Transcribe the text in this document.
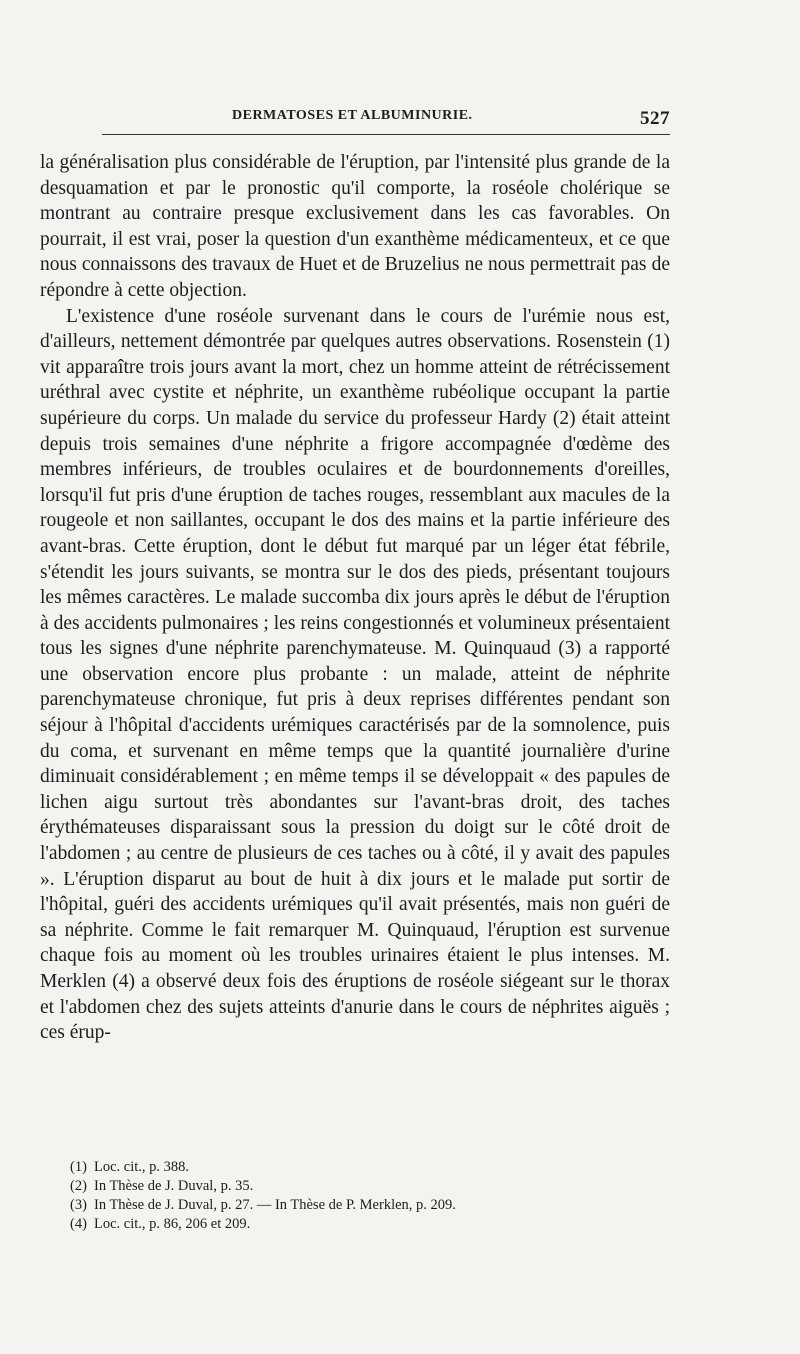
DERMATOSES ET ALBUMINURIE.	527

la généralisation plus considérable de l'éruption, par l'intensité plus grande de la desquamation et par le pronostic qu'il comporte, la roséole cholérique se montrant au contraire presque exclusivement dans les cas favorables. On pourrait, il est vrai, poser la question d'un exanthème médicamenteux, et ce que nous connaissons des travaux de Huet et de Bruzelius ne nous permettrait pas de répondre à cette objection.

L'existence d'une roséole survenant dans le cours de l'urémie nous est, d'ailleurs, nettement démontrée par quelques autres observations. Rosenstein (1) vit apparaître trois jours avant la mort, chez un homme atteint de rétrécissement uréthral avec cystite et néphrite, un exanthème rubéolique occupant la partie supérieure du corps. Un malade du service du professeur Hardy (2) était atteint depuis trois semaines d'une néphrite a frigore accompagnée d'œdème des membres inférieurs, de troubles oculaires et de bourdonnements d'oreilles, lorsqu'il fut pris d'une éruption de taches rouges, ressemblant aux macules de la rougeole et non saillantes, occupant le dos des mains et la partie inférieure des avant-bras. Cette éruption, dont le début fut marqué par un léger état fébrile, s'étendit les jours suivants, se montra sur le dos des pieds, présentant toujours les mêmes caractères. Le malade succomba dix jours après le début de l'éruption à des accidents pulmonaires ; les reins congestionnés et volumineux présentaient tous les signes d'une néphrite parenchymateuse. M. Quinquaud (3) a rapporté une observation encore plus probante : un malade, atteint de néphrite parenchymateuse chronique, fut pris à deux reprises différentes pendant son séjour à l'hôpital d'accidents urémiques caractérisés par de la somnolence, puis du coma, et survenant en même temps que la quantité journalière d'urine diminuait considérablement ; en même temps il se développait « des papules de lichen aigu surtout très abondantes sur l'avant-bras droit, des taches érythémateuses disparaissant sous la pression du doigt sur le côté droit de l'abdomen ; au centre de plusieurs de ces taches ou à côté, il y avait des papules ». L'éruption disparut au bout de huit à dix jours et le malade put sortir de l'hôpital, guéri des accidents urémiques qu'il avait présentés, mais non guéri de sa néphrite. Comme le fait remarquer M. Quinquaud, l'éruption est survenue chaque fois au moment où les troubles urinaires étaient le plus intenses. M. Merklen (4) a observé deux fois des éruptions de roséole siégeant sur le thorax et l'abdomen chez des sujets atteints d'anurie dans le cours de néphrites aiguës ; ces érup-

(1) Loc. cit., p. 388.
(2) In Thèse de J. Duval, p. 35.
(3) In Thèse de J. Duval, p. 27. — In Thèse de P. Merklen, p. 209.
(4) Loc. cit., p. 86, 206 et 209.
